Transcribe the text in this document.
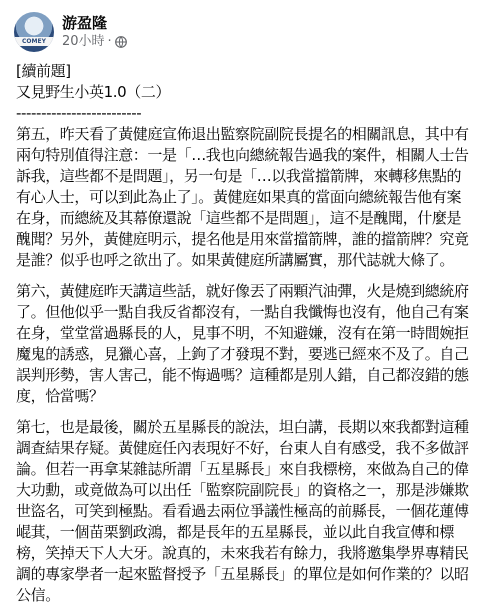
COMEY
游盈隆
20小時 ·
[續前題]
又見野生小英1.0（二）
-------------------------
第五，昨天看了黃健庭宣佈退出監察院副院長提名的相關訊息，其中有
兩句特別值得注意：一是「…我也向總統報告過我的案件，相關人士告
訴我，這些都不是問題」，另一句是「…以我當擋箭牌，來轉移焦點的
有心人士，可以到此為止了」。黃健庭如果真的當面向總統報告他有案
在身，而總統及其幕僚還說「這些都不是問題」，這不是醜聞，什麼是
醜聞？另外，黃健庭明示，提名他是用來當擋箭牌，誰的擋箭牌？究竟
是誰？似乎也呼之欲出了。如果黃健庭所講屬實，那代誌就大條了。
第六，黃健庭昨天講這些話，就好像丟了兩顆汽油彈，火是燒到總統府
了。但他似乎一點自我反省都沒有，一點自我懺悔也沒有，他自己有案
在身，堂堂當過縣長的人，見事不明，不知避嫌，沒有在第一時間婉拒
魔鬼的誘惑，見獵心喜，上鉤了才發現不對，要逃已經來不及了。自己
誤判形勢，害人害己，能不悔過嗎？這種都是別人錯，自己都沒錯的態
度，恰當嗎？
第七，也是最後，關於五星縣長的說法，坦白講，長期以來我都對這種
調查結果存疑。黃健庭任內表現好不好，台東人自有感受，我不多做評
論。但若一再拿某雜誌所謂「五星縣長」來自我標榜，來做為自己的偉
大功勳，或竟做為可以出任「監察院副院長」的資格之一，那是涉嫌欺
世盜名，可笑到極點。看看過去兩位爭議性極高的前縣長，一個花蓮傅
崐萁，一個苗栗劉政鴻，都是長年的五星縣長，並以此自我宣傳和標
榜，笑掉天下人大牙。說真的，未來我若有餘力，我將邀集學界專精民
調的專家學者一起來監督授予「五星縣長」的單位是如何作業的？以昭
公信。
